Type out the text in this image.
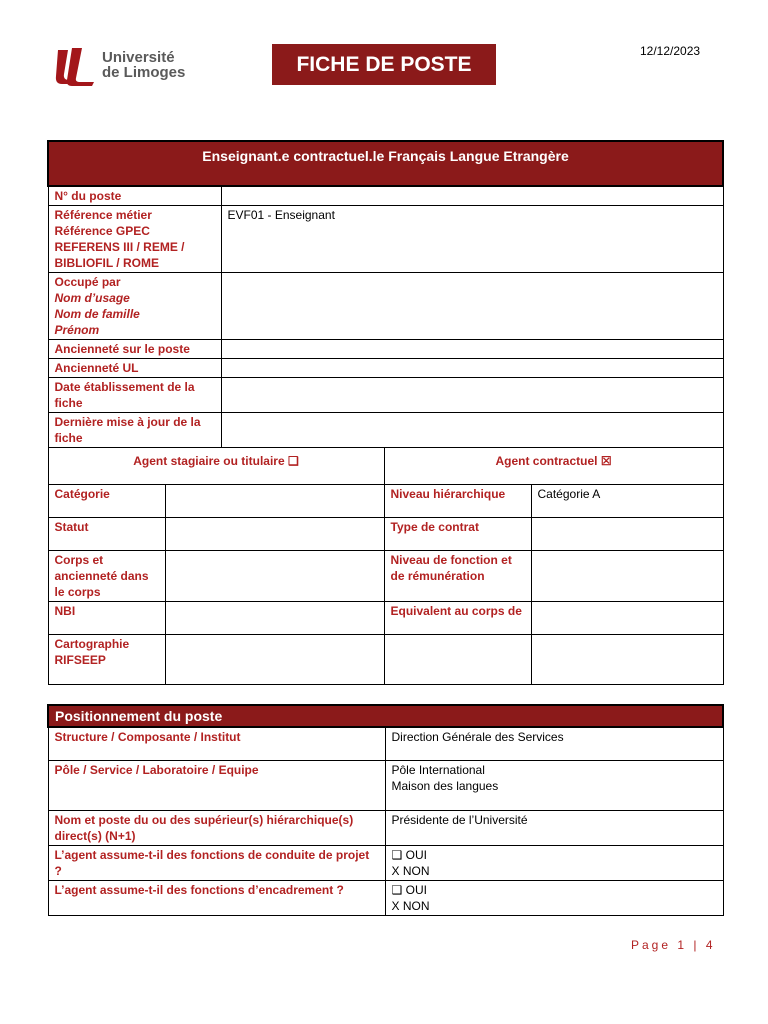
Université
de Limoges	FICHE DE POSTE
12/12/2023
Enseignant.e contractuel.le Français Langue Etrangère				
N° du poste				

Référence métier
Référence GPEC
REFERENS III / REME / BIBLIOFIL / ROME		EVF01 - Enseignant		

Occupé par
Nom d’usage
Nom de famille
Prénom				

Ancienneté sur le poste				
Ancienneté UL				
Date établissement de la fiche				
Dernière mise à jour de la fiche				
Agent stagiaire ou titulaire ❑			Agent contractuel ☒	
Catégorie			Niveau hiérarchique	Catégorie A
Statut			Type de contrat	
Corps et ancienneté dans le corps			Niveau de fonction et de rémunération	
NBI			Equivalent au corps de	
Cartographie RIFSEEP				
Positionnement du poste	
Structure / Composante / Institut	Direction Générale des Services
Pôle / Service / Laboratoire / Equipe	Pôle International
Maison des langues

Nom et poste du ou des supérieur(s) hiérarchique(s) direct(s) (N+1)	Présidente de l’Université
L’agent assume-t-il des fonctions de conduite de projet ?	❑ OUI
X NON

L’agent assume-t-il des fonctions d’encadrement ?	❑ OUI
X NON
Page 1 | 4
